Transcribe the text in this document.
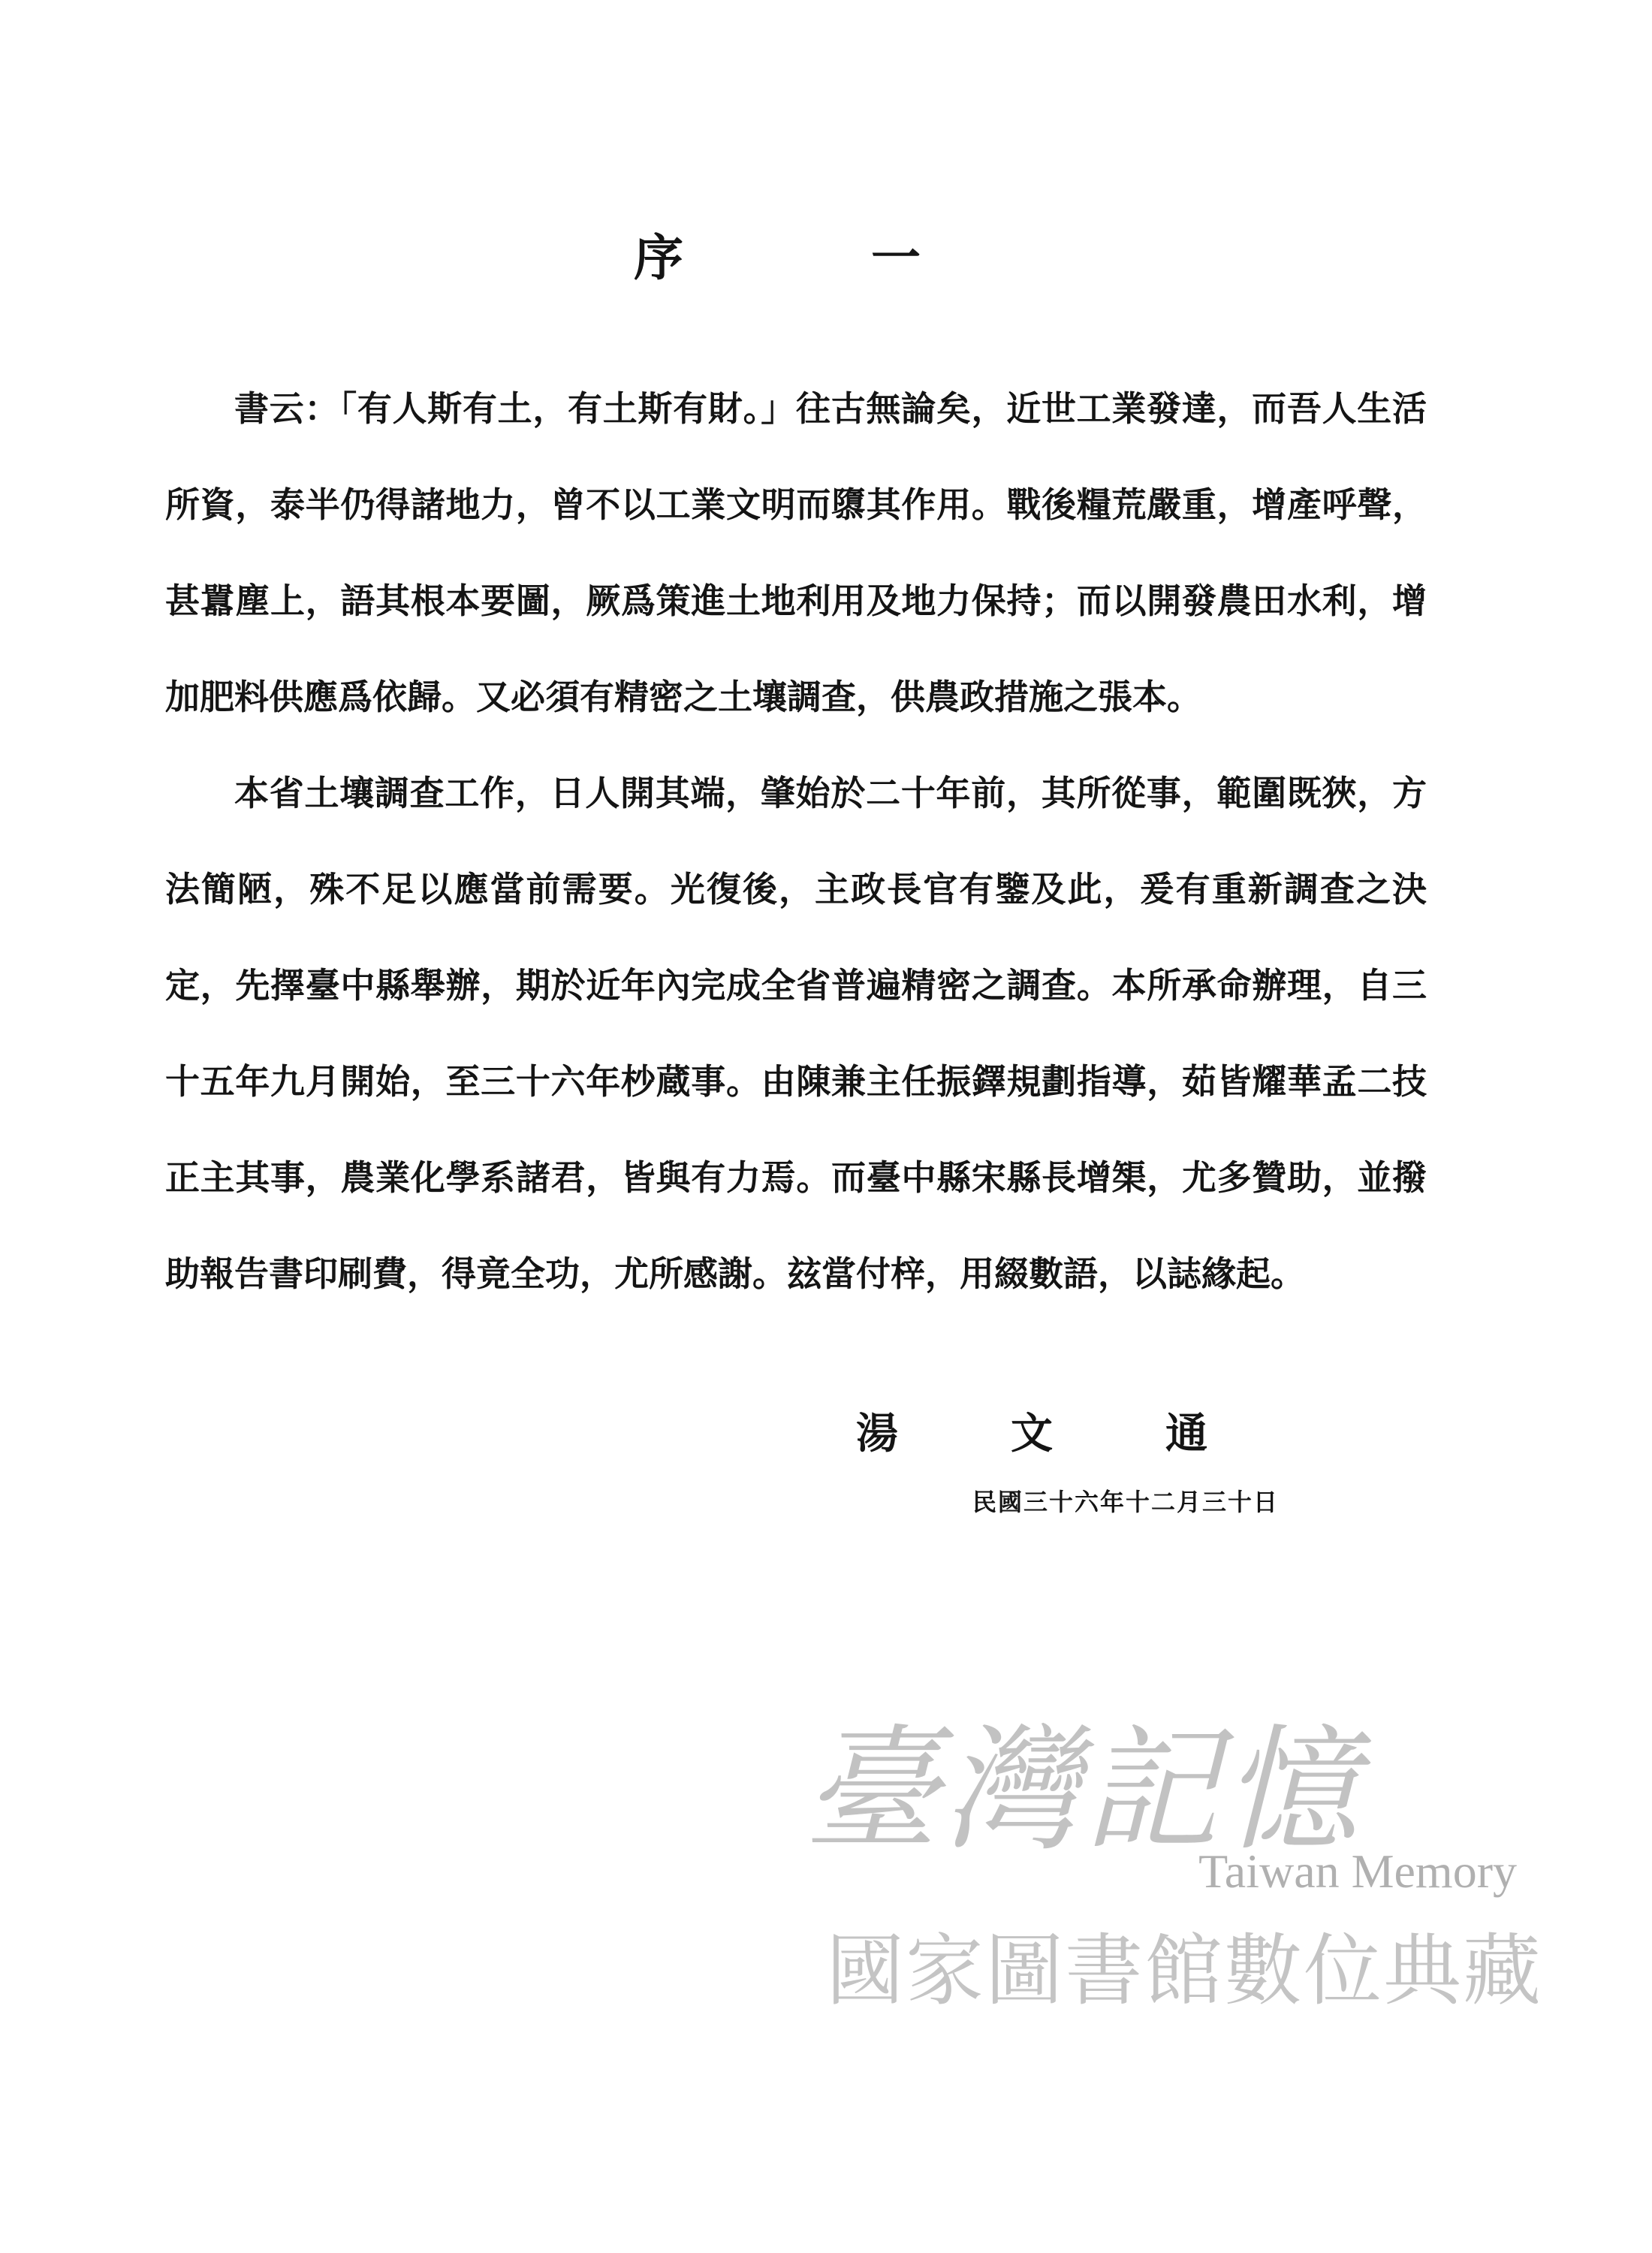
序一

書云：「有人斯有土，有土斯有財。」往古無論矣，近世工業發達，而吾人生活所資，泰半仍得諸地力，曾不以工業文明而隳其作用。戰後糧荒嚴重，增產呼聲，甚囂塵上，語其根本要圖，厥爲策進土地利用及地力保持；而以開發農田水利，增加肥料供應爲依歸。又必須有精密之土壤調查，供農政措施之張本。

本省土壤調查工作，日人開其端，肇始於二十年前，其所從事，範圍既狹，方法簡陋，殊不足以應當前需要。光復後，主政長官有鑒及此，爰有重新調查之決定，先擇臺中縣舉辦，期於近年內完成全省普遍精密之調查。本所承命辦理，自三十五年九月開始，至三十六年杪蔵事。由陳兼主任振鐸規劃指導，茹皆耀華孟二技正主其事，農業化學系諸君，皆與有力焉。而臺中縣宋縣長增榘，尤多贊助，並撥助報告書印刷費，得竟全功，尤所感謝。玆當付梓，用綴數語，以誌緣起。

湯文通
民國三十六年十二月三十日
臺灣記憶
Taiwan Memory
國家圖書館數位典藏
